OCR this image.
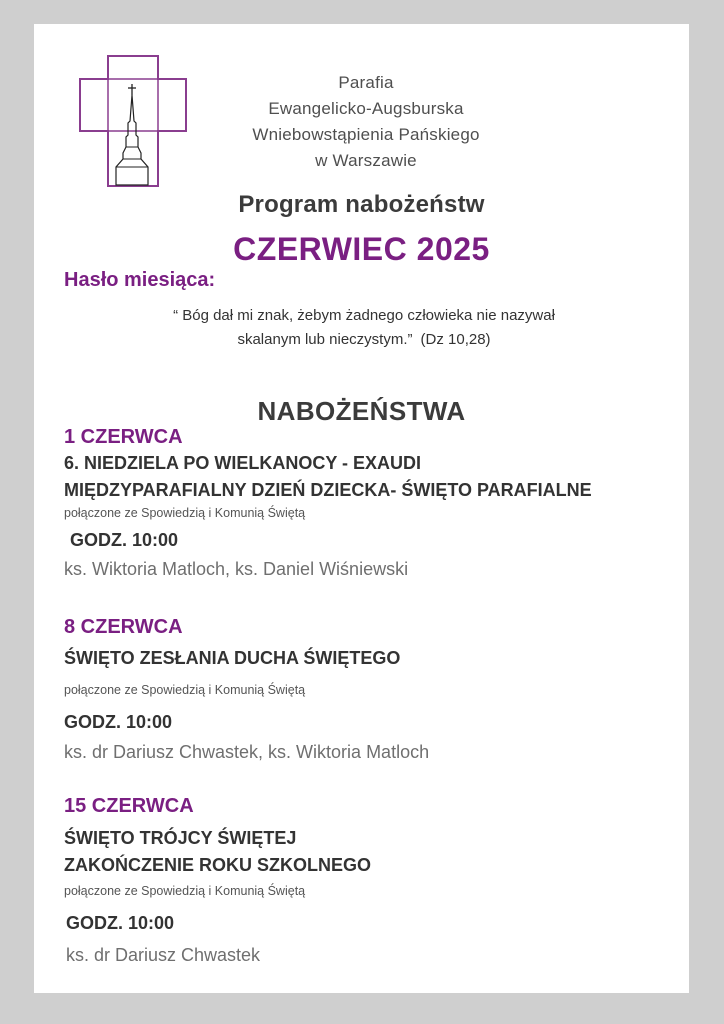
Parafia
Ewangelicko-Augsburska
Wniebowstąpienia Pańskiego
w Warszawie
Program nabożeństw
CZERWIEC 2025
Hasło miesiąca:
“ Bóg dał mi znak, żebym żadnego człowieka nie nazywał
skalanym lub nieczystym.” (Dz 10,28)
NABOŻEŃSTWA
1 CZERWCA
6. NIEDZIELA PO WIELKANOCY - EXAUDI
MIĘDZYPARAFIALNY DZIEŃ DZIECKA- ŚWIĘTO PARAFIALNE
połączone ze Spowiedzią i Komunią Świętą
GODZ. 10:00
ks. Wiktoria Matloch, ks. Daniel Wiśniewski
8 CZERWCA
ŚWIĘTO ZESŁANIA DUCHA ŚWIĘTEGO
połączone ze Spowiedzią i Komunią Świętą
GODZ. 10:00
ks. dr Dariusz Chwastek, ks. Wiktoria Matloch
15 CZERWCA
ŚWIĘTO TRÓJCY ŚWIĘTEJ
ZAKOŃCZENIE ROKU SZKOLNEGO
połączone ze Spowiedzią i Komunią Świętą
GODZ. 10:00
ks. dr Dariusz Chwastek
